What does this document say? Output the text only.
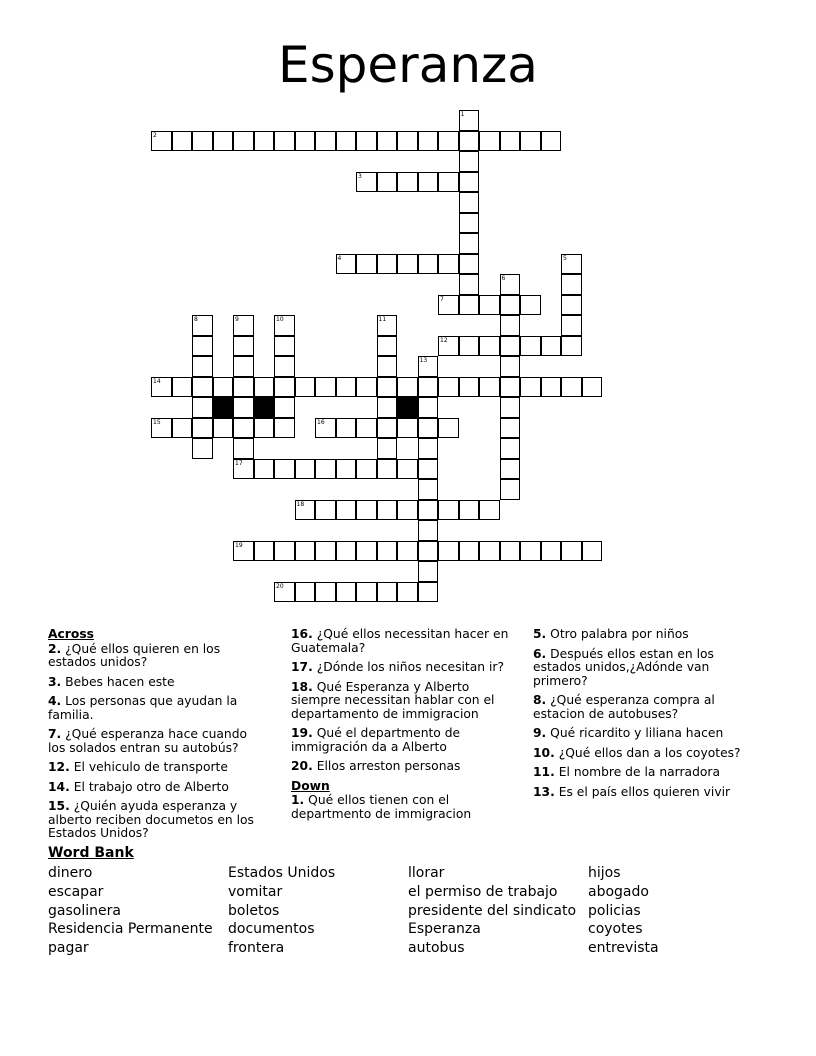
Esperanza
1
2
3
4	5
6
7
8	9	10	11
12
13
14
15	16
17
18
19
20
Across
2. ¿Qué ellos quieren en los estados unidos?
3. Bebes hacen este
4. Los personas que ayudan la familia.
7. ¿Qué esperanza hace cuando los solados entran su autobús?
12. El vehiculo de transporte
14. El trabajo otro de Alberto
15. ¿Quién ayuda esperanza y alberto reciben documetos en los Estados Unidos?
16. ¿Qué ellos necessitan hacer en Guatemala?
17. ¿Dónde los niños necesitan ir?
18. Qué Esperanza y Alberto siempre necessitan hablar con el departamento de immigracion
19. Qué el departmento de immigración da a Alberto
20. Ellos arreston personas
Down
1. Qué ellos tienen con el departmento de immigracion
5. Otro palabra por niños
6. Después ellos estan en los estados unidos,¿Adónde van primero?
8. ¿Qué esperanza compra al estacion de autobuses?
9. Qué ricardito y liliana hacen
10. ¿Qué ellos dan a los coyotes?
11. El nombre de la narradora
13. Es el país ellos quieren vivir
Word Bank
dinero
escapar
gasolinera
Residencia Permanente
pagar
Estados Unidos
vomitar
boletos
documentos
frontera
llorar
el permiso de trabajo
presidente del sindicato
Esperanza
autobus
hijos
abogado
policias
coyotes
entrevista
